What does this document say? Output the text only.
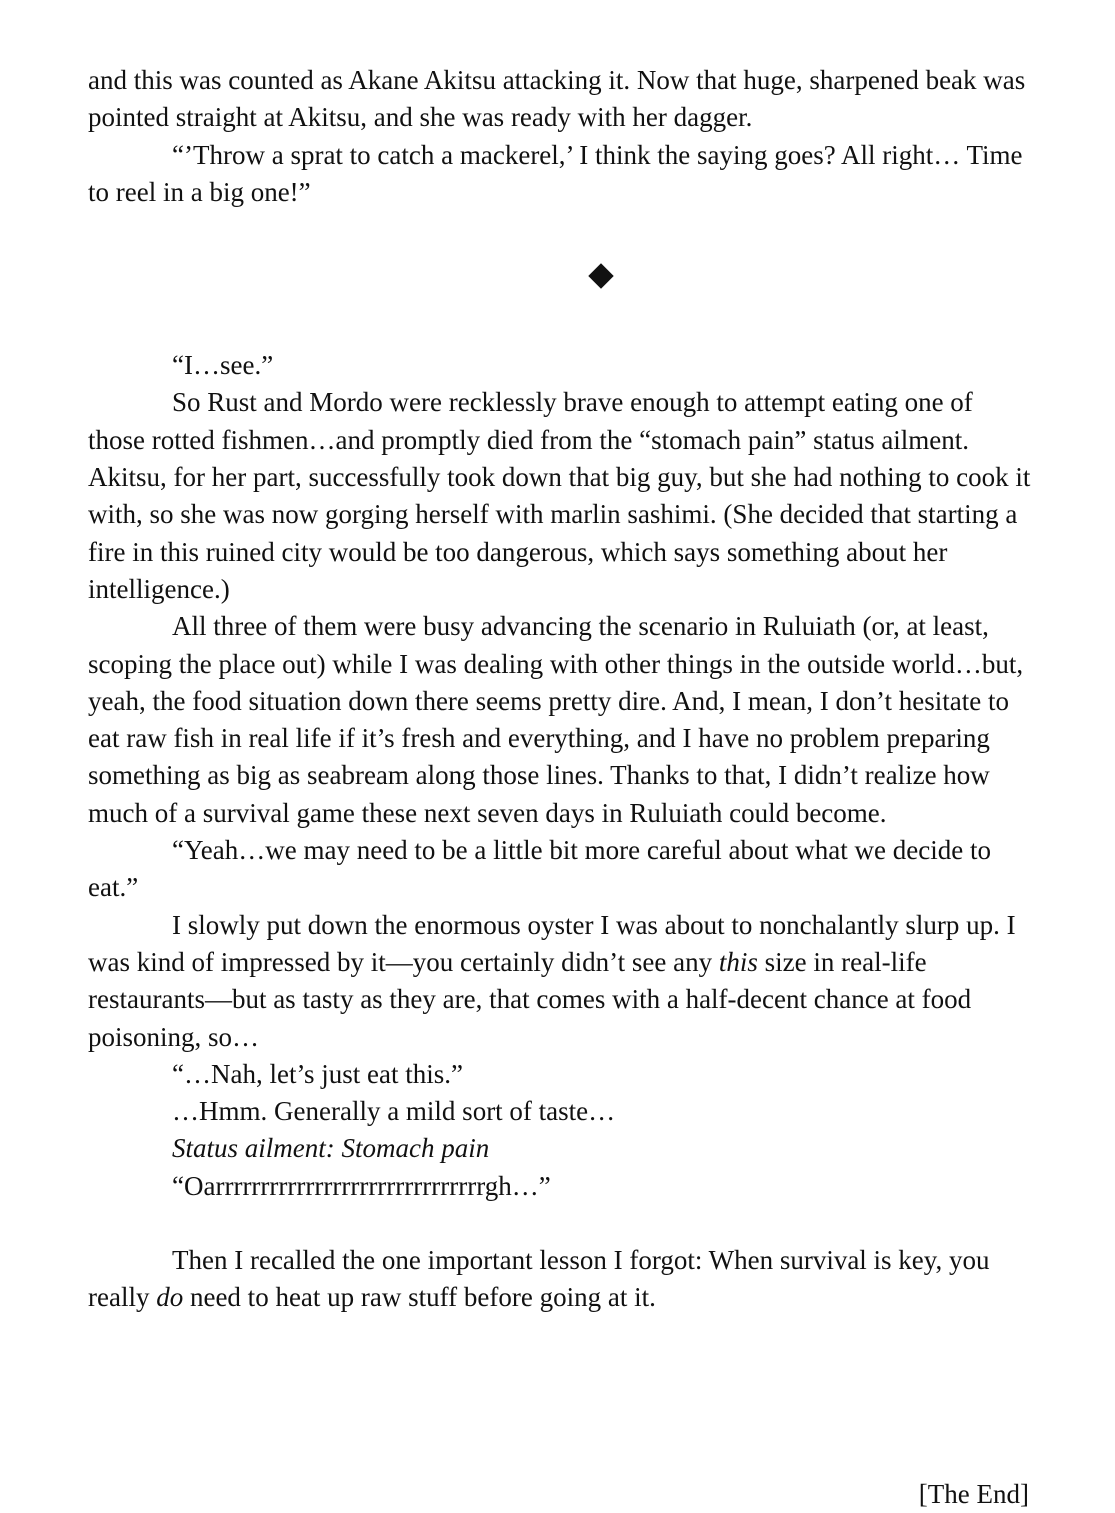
and this was counted as Akane Akitsu attacking it. Now that huge, sharpened beak was pointed straight at Akitsu, and she was ready with her dagger.

“’Throw a sprat to catch a mackerel,’ I think the saying goes? All right… Time to reel in a big one!”

“I…see.”

So Rust and Mordo were recklessly brave enough to attempt eating one of those rotted fishmen…and promptly died from the “stomach pain” status ailment. Akitsu, for her part, successfully took down that big guy, but she had nothing to cook it with, so she was now gorging herself with marlin sashimi. (She decided that starting a fire in this ruined city would be too dangerous, which says something about her intelligence.)

All three of them were busy advancing the scenario in Ruluiath (or, at least, scoping the place out) while I was dealing with other things in the outside world…but, yeah, the food situation down there seems pretty dire. And, I mean, I don’t hesitate to eat raw fish in real life if it’s fresh and everything, and I have no problem preparing something as big as seabream along those lines. Thanks to that, I didn’t realize how much of a survival game these next seven days in Ruluiath could become.

“Yeah…we may need to be a little bit more careful about what we decide to eat.”

I slowly put down the enormous oyster I was about to nonchalantly slurp up. I was kind of impressed by it—you certainly didn’t see any this size in real-life restaurants—but as tasty as they are, that comes with a half-decent chance at food poisoning, so…

“…Nah, let’s just eat this.”

…Hmm. Generally a mild sort of taste…

Status ailment: Stomach pain

“Oarrrrrrrrrrrrrrrrrrrrrrrrrrrrrrgh…”

Then I recalled the one important lesson I forgot: When survival is key, you really do need to heat up raw stuff before going at it.

[The End]
